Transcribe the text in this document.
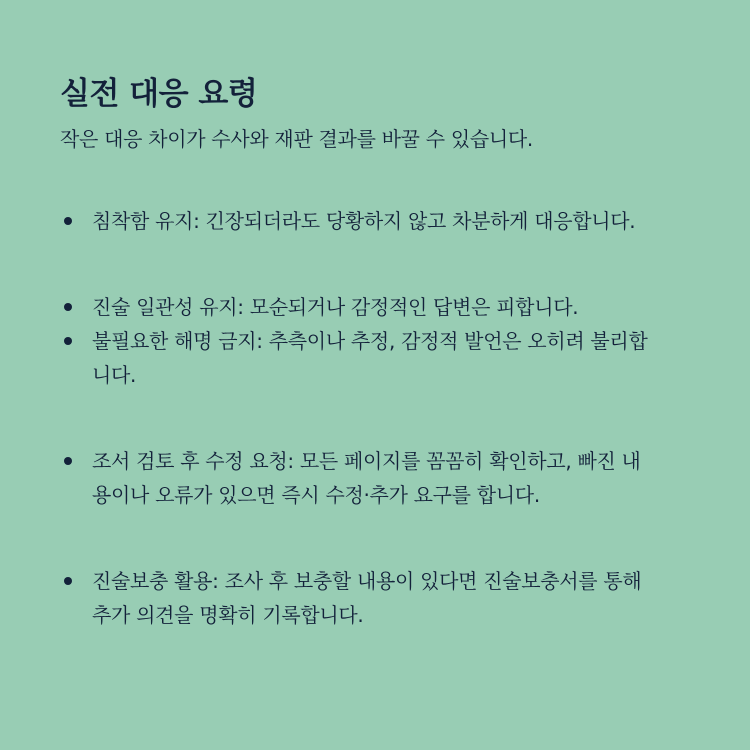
실전 대응 요령

작은 대응 차이가 수사와 재판 결과를 바꿀 수 있습니다.

침착함 유지: 긴장되더라도 당황하지 않고 차분하게 대응합니다.
진술 일관성 유지: 모순되거나 감정적인 답변은 피합니다.
불필요한 해명 금지: 추측이나 추정, 감정적 발언은 오히려 불리합니다.
조서 검토 후 수정 요청: 모든 페이지를 꼼꼼히 확인하고, 빠진 내용이나 오류가 있으면 즉시 수정·추가 요구를 합니다.
진술보충 활용: 조사 후 보충할 내용이 있다면 진술보충서를 통해 추가 의견을 명확히 기록합니다.
